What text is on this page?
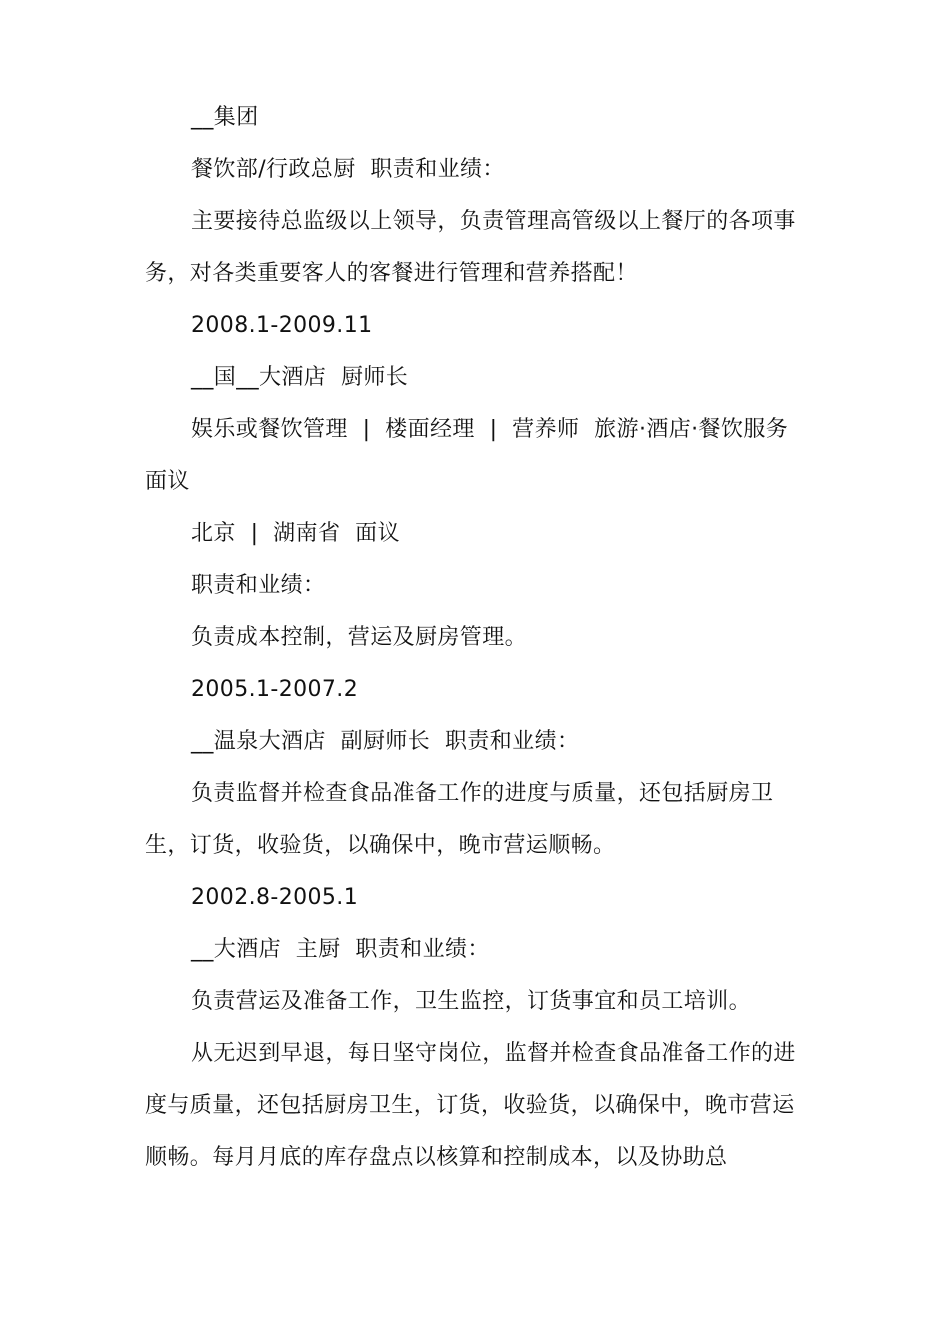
__集团

餐饮部/行政总厨  职责和业绩：

主要接待总监级以上领导，负责管理高管级以上餐厅的各项事务，对各类重要客人的客餐进行管理和营养搭配！

2008.1-2009.11

__国__大酒店  厨师长

娱乐或餐饮管理  |  楼面经理  |  营养师  旅游·酒店·餐饮服务  面议

北京  |  湖南省  面议

职责和业绩：

负责成本控制，营运及厨房管理。

2005.1-2007.2

__温泉大酒店  副厨师长  职责和业绩：

负责监督并检查食品准备工作的进度与质量，还包括厨房卫生，订货，收验货，以确保中，晚市营运顺畅。

2002.8-2005.1

__大酒店  主厨  职责和业绩：

负责营运及准备工作，卫生监控，订货事宜和员工培训。

从无迟到早退，每日坚守岗位，监督并检查食品准备工作的进度与质量，还包括厨房卫生，订货，收验货，以确保中，晚市营运顺畅。每月月底的库存盘点以核算和控制成本，以及协助总
